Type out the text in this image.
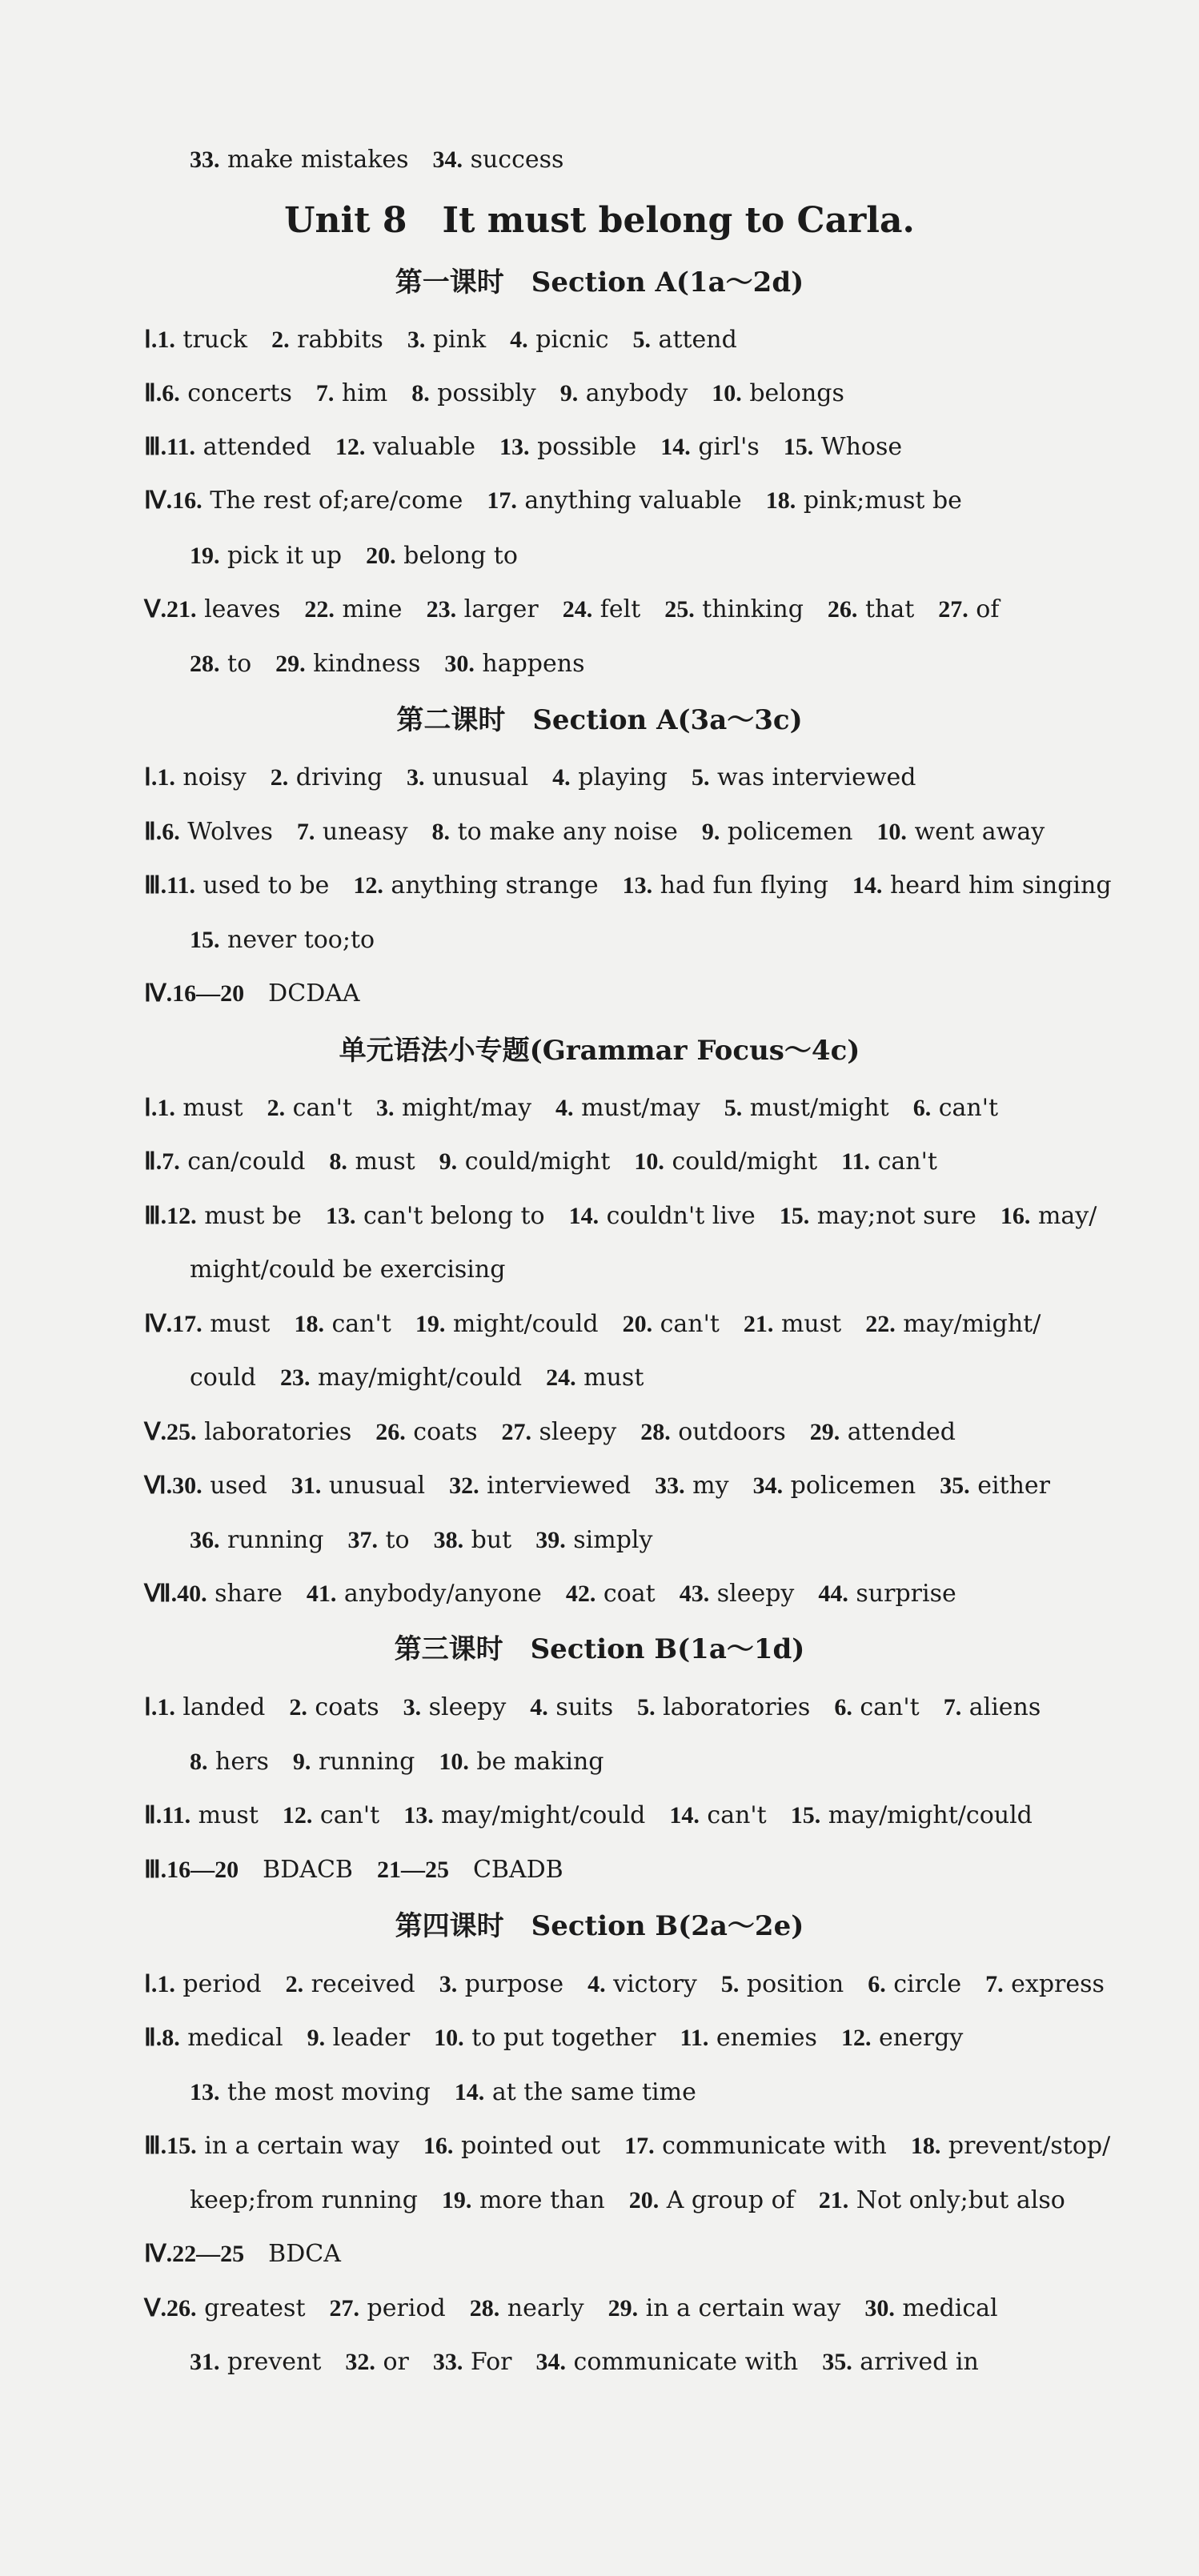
33. make mistakes　34. success
Unit 8　It must belong to Carla.
第一课时　Section A(1a～2d)
Ⅰ.1. truck　2. rabbits　3. pink　4. picnic　5. attend
Ⅱ.6. concerts　7. him　8. possibly　9. anybody　10. belongs
Ⅲ.11. attended　12. valuable　13. possible　14. girl's　15. Whose
Ⅳ.16. The rest of;are/come　17. anything valuable　18. pink;must be
19. pick it up　20. belong to
Ⅴ.21. leaves　22. mine　23. larger　24. felt　25. thinking　26. that　27. of
28. to　29. kindness　30. happens
第二课时　Section A(3a～3c)
Ⅰ.1. noisy　2. driving　3. unusual　4. playing　5. was interviewed
Ⅱ.6. Wolves　7. uneasy　8. to make any noise　9. policemen　10. went away
Ⅲ.11. used to be　12. anything strange　13. had fun flying　14. heard him singing
15. never too;to
Ⅳ.16—20　DCDAA
单元语法小专题(Grammar Focus～4c)
Ⅰ.1. must　2. can't　3. might/may　4. must/may　5. must/might　6. can't
Ⅱ.7. can/could　8. must　9. could/might　10. could/might　11. can't
Ⅲ.12. must be　13. can't belong to　14. couldn't live　15. may;not sure　16. may/
might/could be exercising
Ⅳ.17. must　18. can't　19. might/could　20. can't　21. must　22. may/might/
could　23. may/might/could　24. must
Ⅴ.25. laboratories　26. coats　27. sleepy　28. outdoors　29. attended
Ⅵ.30. used　31. unusual　32. interviewed　33. my　34. policemen　35. either
36. running　37. to　38. but　39. simply
Ⅶ.40. share　41. anybody/anyone　42. coat　43. sleepy　44. surprise
第三课时　Section B(1a～1d)
Ⅰ.1. landed　2. coats　3. sleepy　4. suits　5. laboratories　6. can't　7. aliens
8. hers　9. running　10. be making
Ⅱ.11. must　12. can't　13. may/might/could　14. can't　15. may/might/could
Ⅲ.16—20　BDACB　21—25　CBADB
第四课时　Section B(2a～2e)
Ⅰ.1. period　2. received　3. purpose　4. victory　5. position　6. circle　7. express
Ⅱ.8. medical　9. leader　10. to put together　11. enemies　12. energy
13. the most moving　14. at the same time
Ⅲ.15. in a certain way　16. pointed out　17. communicate with　18. prevent/stop/
keep;from running　19. more than　20. A group of　21. Not only;but also
Ⅳ.22—25　BDCA
Ⅴ.26. greatest　27. period　28. nearly　29. in a certain way　30. medical
31. prevent　32. or　33. For　34. communicate with　35. arrived in
